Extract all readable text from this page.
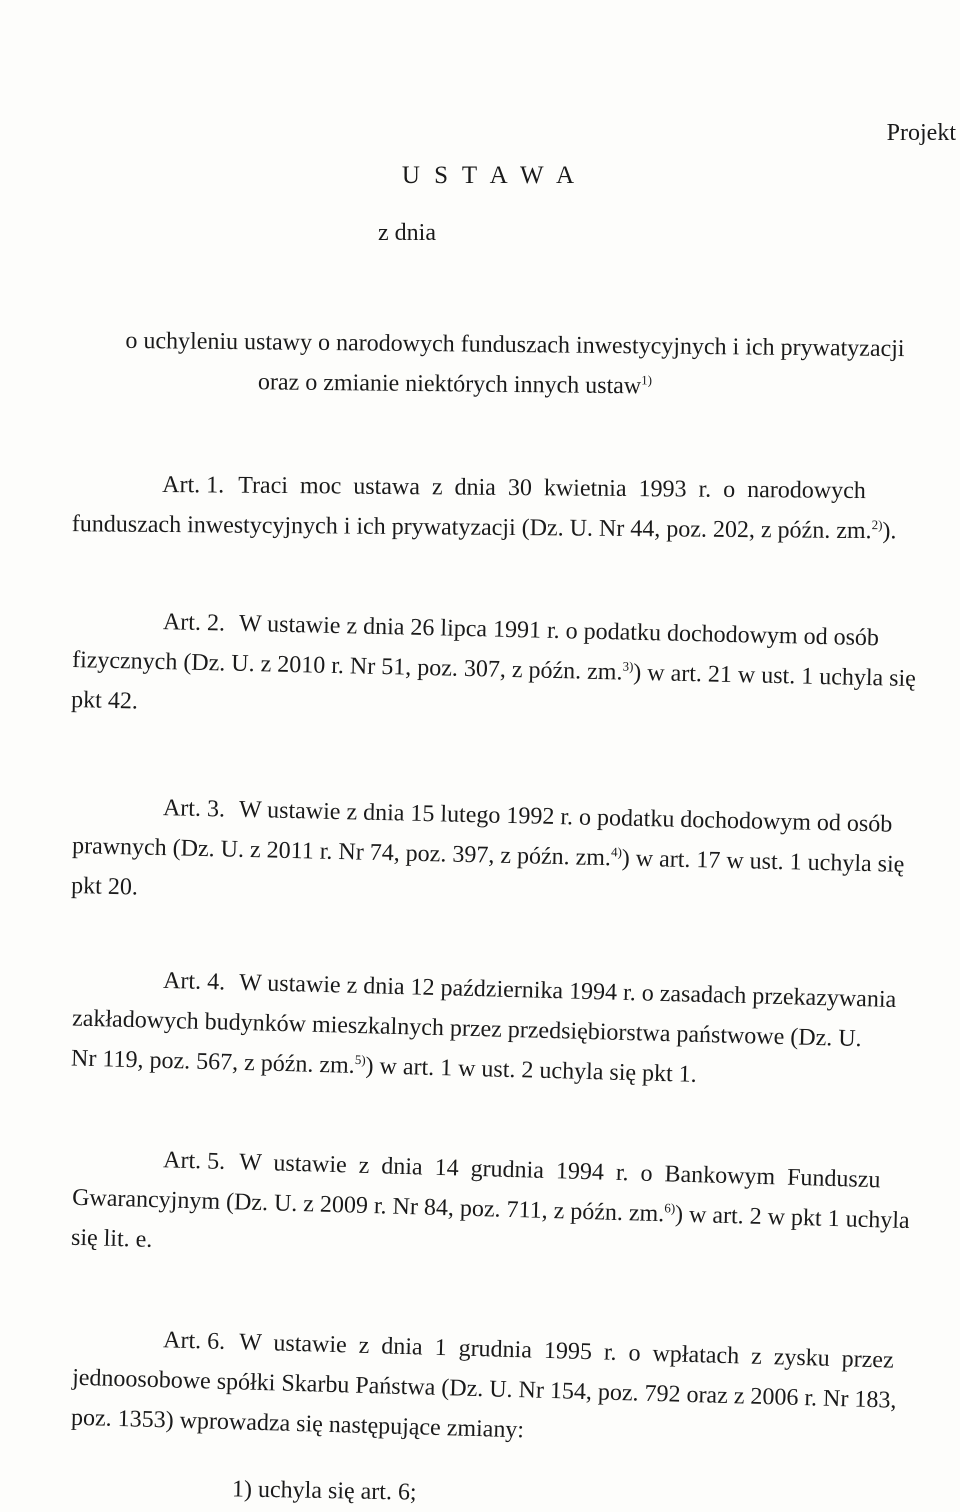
Projekt
U S T A W A
z dnia
o uchyleniu ustawy o narodowych funduszach inwestycyjnych i ich prywatyzacji
oraz o zmianie niektórych innych ustaw$^{1)}$
Art. 1. Traci  moc  ustawa  z  dnia  30  kwietnia  1993  r.  o  narodowych
funduszach inwestycyjnych i ich prywatyzacji (Dz. U. Nr 44, poz. 202, z późn. zm.$^{2)}$).
Art. 2. W ustawie z dnia 26 lipca 1991 r. o podatku dochodowym od osób
fizycznych (Dz. U. z 2010 r. Nr 51, poz. 307, z późn. zm.$^{3)}$) w art. 21 w ust. 1 uchyla się
pkt 42.
Art. 3. W ustawie z dnia 15 lutego 1992 r. o podatku dochodowym od osób
prawnych (Dz. U. z 2011 r. Nr 74, poz. 397, z późn. zm.$^{4)}$) w art. 17 w ust. 1 uchyla się
pkt 20.
Art. 4. W ustawie z dnia 12 października 1994 r. o zasadach przekazywania
zakładowych budynków mieszkalnych przez przedsiębiorstwa państwowe (Dz. U.
Nr 119, poz. 567, z późn. zm.$^{5)}$) w art. 1 w ust. 2 uchyla się pkt 1.
Art. 5. W  ustawie  z  dnia  14  grudnia  1994  r.  o  Bankowym  Funduszu
Gwarancyjnym (Dz. U. z 2009 r. Nr 84, poz. 711, z późn. zm.$^{6)}$) w art. 2 w pkt 1 uchyla
się lit. e.
Art. 6. W  ustawie  z  dnia  1  grudnia  1995  r.  o  wpłatach  z  zysku  przez
jednoosobowe spółki Skarbu Państwa (Dz. U. Nr 154, poz. 792 oraz z 2006 r. Nr 183,
poz. 1353) wprowadza się następujące zmiany:
1) uchyla się art. 6;
